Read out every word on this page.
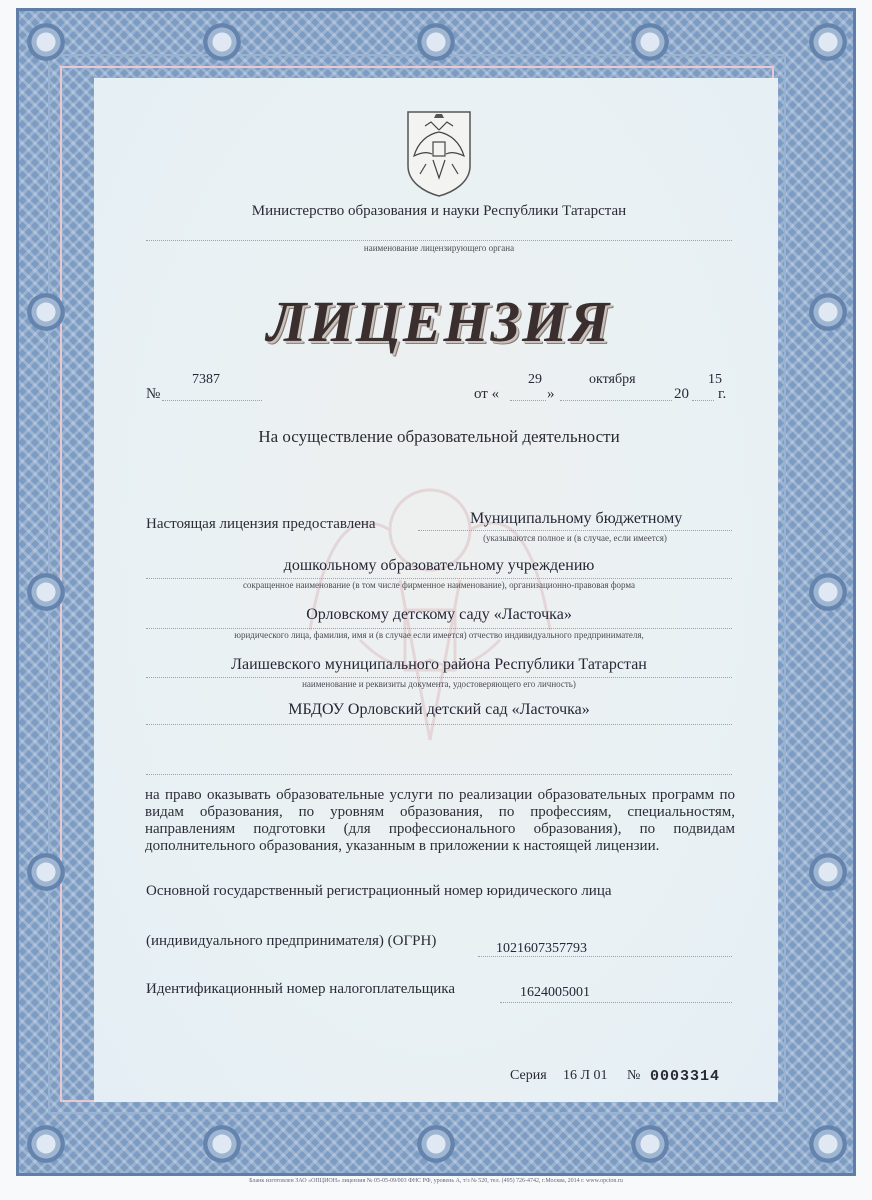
Министерство образования и науки Республики Татарстан
наименование лицензирующего органа
ЛИЦЕНЗИЯ
№
7387
от «
29
»
октября
20
15
г.
На осуществление образовательной деятельности
Настоящая лицензия предоставлена	Муниципальному бюджетному
(указываются полное и (в случае, если имеется)
дошкольному образовательному учреждению
сокращенное наименование (в том числе фирменное наименование), организационно-правовая форма
Орловскому детскому саду «Ласточка»
юридического лица, фамилия, имя и (в случае если имеется) отчество индивидуального предпринимателя,
Лаишевского муниципального района Республики Татарстан
наименование и реквизиты документа, удостоверяющего его личность)
МБДОУ Орловский детский сад «Ласточка»
на право оказывать образовательные услуги по реализации образовательных программ по видам образования, по уровням образования, по профессиям, специальностям, направлениям подготовки (для профессионального образования), по подвидам дополнительного образования, указанным в приложении к настоящей лицензии.
Основной государственный регистрационный номер юридического лица
(индивидуального предпринимателя) (ОГРН)	1021607357793
Идентификационный номер налогоплательщика	1624005001
Серия 16 Л 01 № 0003314
Бланк изготовлен ЗАО «ОПЦИОН» лицензия № 05-05-09/003 ФНС РФ, уровень А, т/з № 520, тел. (495) 726-4742, г.Москва, 2014 г. www.opcion.ru
